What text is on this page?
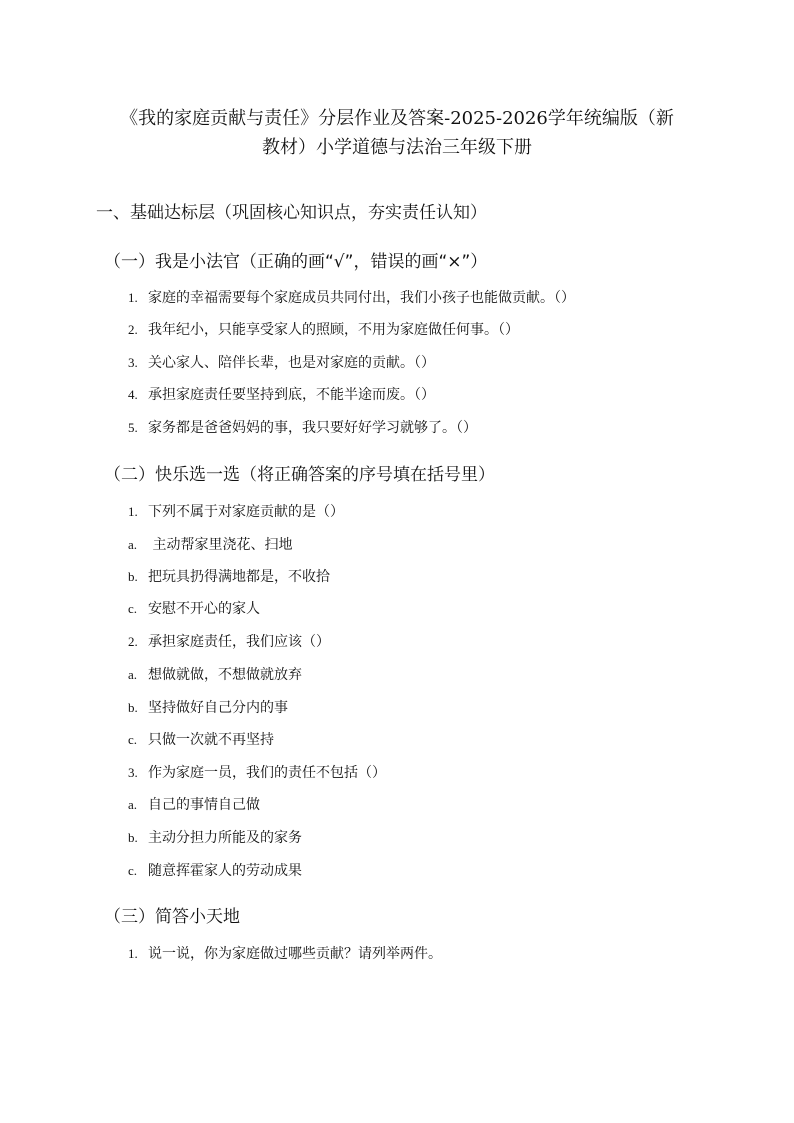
《我的家庭贡献与责任》分层作业及答案-2025-2026学年统编版（新
教材）小学道德与法治三年级下册
一、基础达标层（巩固核心知识点，夯实责任认知）
（一）我是小法官（正确的画“√”，错误的画“×”）
1. 家庭的幸福需要每个家庭成员共同付出，我们小孩子也能做贡献。（）
2. 我年纪小，只能享受家人的照顾，不用为家庭做任何事。（）
3. 关心家人、陪伴长辈，也是对家庭的贡献。（）
4. 承担家庭责任要坚持到底，不能半途而废。（）
5. 家务都是爸爸妈妈的事，我只要好好学习就够了。（）
（二）快乐选一选（将正确答案的序号填在括号里）
1. 下列不属于对家庭贡献的是（）
a. 主动帮家里浇花、扫地
b. 把玩具扔得满地都是，不收拾
c. 安慰不开心的家人
2. 承担家庭责任，我们应该（）
a. 想做就做，不想做就放弃
b. 坚持做好自己分内的事
c. 只做一次就不再坚持
3. 作为家庭一员，我们的责任不包括（）
a. 自己的事情自己做
b. 主动分担力所能及的家务
c. 随意挥霍家人的劳动成果
（三）简答小天地
1. 说一说，你为家庭做过哪些贡献？请列举两件。
